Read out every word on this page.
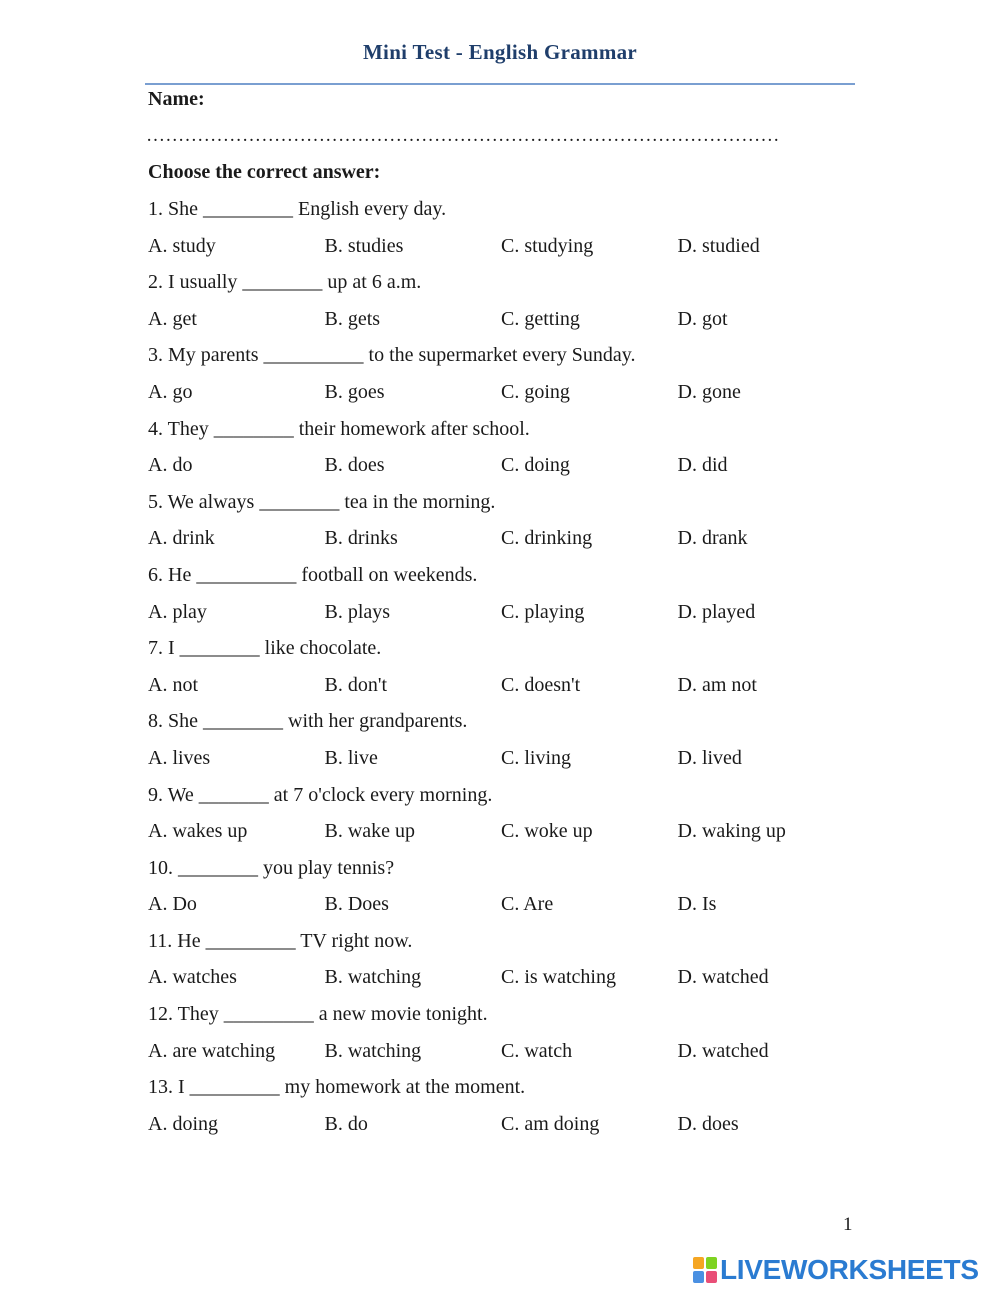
Mini Test - English Grammar
Name:
………………………………………………………………………………………
Choose the correct answer:
1. She _________ English every day.
A. study	B. studies	C. studying	D. studied
2. I usually ________ up at 6 a.m.
A. get	B. gets	C. getting	D. got
3. My parents __________ to the supermarket every Sunday.
A. go	B. goes	C. going	D. gone
4. They ________ their homework after school.
A. do	B. does	C. doing	D. did
5. We always ________ tea in the morning.
A. drink	B. drinks	C. drinking	D. drank
6. He __________ football on weekends.
A. play	B. plays	C. playing	D. played
7. I ________ like chocolate.
A. not	B. don't	C. doesn't	D. am not
8. She ________ with her grandparents.
A. lives	B. live	C. living	D. lived
9. We _______ at 7 o'clock every morning.
A. wakes up	B. wake up	C. woke up	D. waking up
10. ________ you play tennis?
A. Do	B. Does	C. Are	D. Is
11. He _________ TV right now.
A. watches	B. watching	C. is watching	D. watched
12. They _________ a new movie tonight.
A. are watching	B. watching	C. watch	D. watched
13. I _________ my homework at the moment.
A. doing	B. do	C. am doing	D. does
1
LIVEWORKSHEETS
